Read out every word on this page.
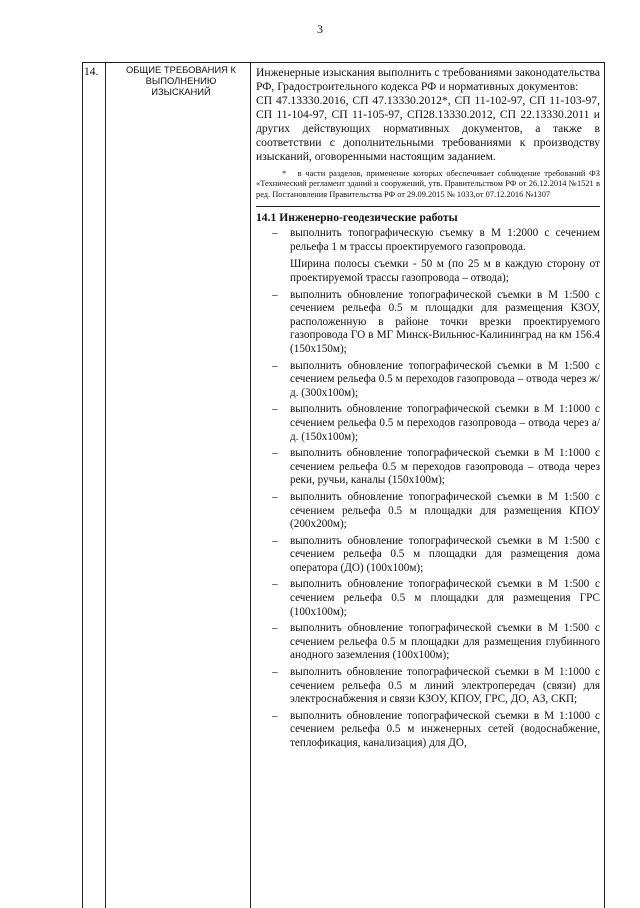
3
14.	ОБЩИЕ ТРЕБОВАНИЯ К ВЫПОЛНЕНИЮ ИЗЫСКАНИЙ

Инженерные изыскания выполнить с требованиями законодательства РФ, Градостроительного кодекса РФ и нормативных документов:

СП 47.13330.2016, СП 47.13330.2012*, СП 11-102-97, СП 11-103-97, СП 11-104-97, СП 11-105-97, СП28.13330.2012, СП 22.13330.2011 и других действующих нормативных документов, а также в соответствии с дополнительными требованиями к производству изысканий, оговоренными настоящим заданием.

* в части разделов, применение которых обеспечивает соблюдение требований ФЗ «Технический регламент зданий и сооружений, утв. Правительством РФ от 26.12.2014 №1521 в ред. Постановления Правительства РФ от 29.09.2015 № 1033,от 07.12.2016 №1307

14.1 Инженерно-геодезические работы

– выполнить топографическую съемку в М 1:2000 с сечением рельефа 1 м трассы проектируемого газопровода.
Ширина полосы съемки - 50 м (по 25 м в каждую сторону от проектируемой трассы газопровода – отвода);
– выполнить обновление топографической съемки в М 1:500 с сечением рельефа 0.5 м площадки для размещения КЗОУ, расположенную в районе точки врезки проектируемого газопровода ГО в МГ Минск-Вильнюс-Калининград на км 156.4 (150х150м);
– выполнить обновление топографической съемки в М 1:500 с сечением рельефа 0.5 м переходов газопровода – отвода через ж/д. (300х100м);
– выполнить обновление топографической съемки в М 1:1000 с сечением рельефа 0.5 м переходов газопровода – отвода через а/д. (150х100м);
– выполнить обновление топографической съемки в М 1:1000 с сечением рельефа 0.5 м переходов газопровода – отвода через реки, ручьи, каналы (150х100м);
– выполнить обновление топографической съемки в М 1:500 с сечением рельефа 0.5 м площадки для размещения КПОУ (200х200м);
– выполнить обновление топографической съемки в М 1:500 с сечением рельефа 0.5 м площадки для размещения дома оператора (ДО) (100х100м);
– выполнить обновление топографической съемки в М 1:500 с сечением рельефа 0.5 м площадки для размещения ГРС (100х100м);
– выполнить обновление топографической съемки в М 1:500 с сечением рельефа 0.5 м площадки для размещения глубинного анодного заземления (100х100м);
– выполнить обновление топографической съемки в М 1:1000 с сечением рельефа 0.5 м линий электропередач (связи) для электроснабжения и связи КЗОУ, КПОУ, ГРС, ДО, АЗ, СКП;
– выполнить обновление топографической съемки в М 1:1000 с сечением рельефа 0.5 м инженерных сетей (водоснабжение, теплофикация, канализация) для ДО,
